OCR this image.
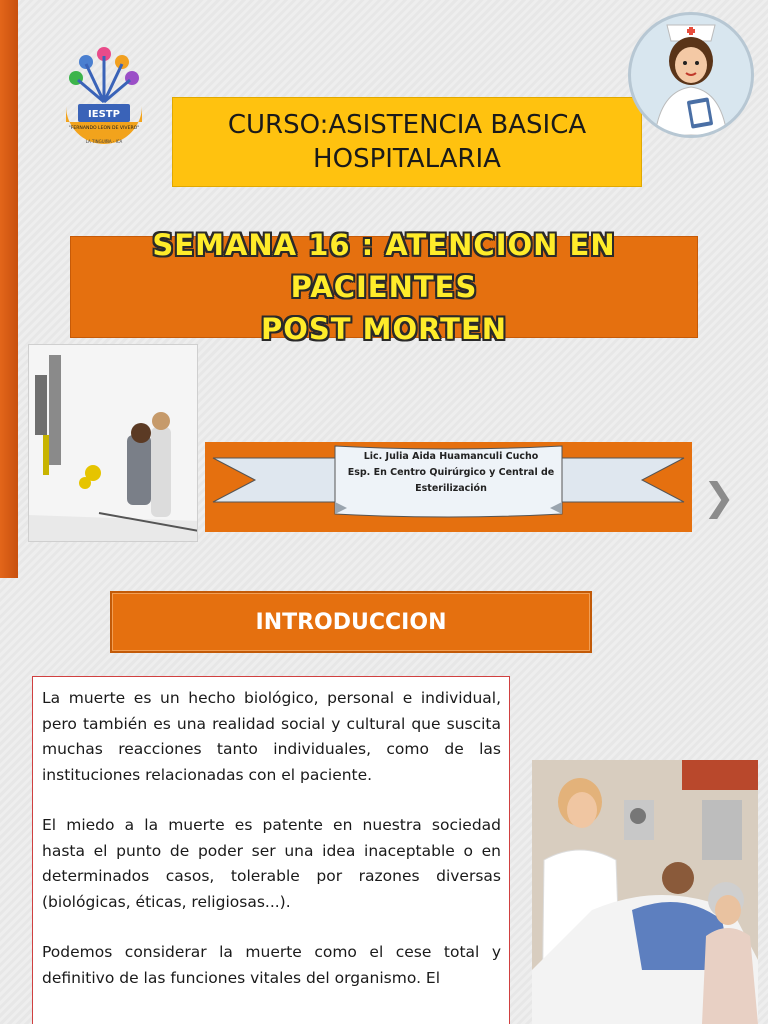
IESTP
"FERNANDO LEON DE VIVERO"
LA TINGUIÑA - ICA
CURSO:ASISTENCIA BASICA HOSPITALARIA
SEMANA 16 : ATENCION EN PACIENTES
POST MORTEN
Lic. Julia Aida Huamanculi Cucho
Esp. En Centro Quirúrgico y Central de
Esterilización	❯
INTRODUCCION

La muerte es un hecho biológico, personal e individual, pero también es una realidad social y cultural que suscita muchas reacciones tanto individuales, como de las instituciones relacionadas con el paciente.

El miedo a la muerte es patente en nuestra sociedad hasta el punto de poder ser una idea inaceptable o en determinados casos, tolerable por razones diversas (biológicas, éticas, religiosas...).

Podemos considerar la muerte como el cese total y definitivo de las funciones vitales del organismo. El
